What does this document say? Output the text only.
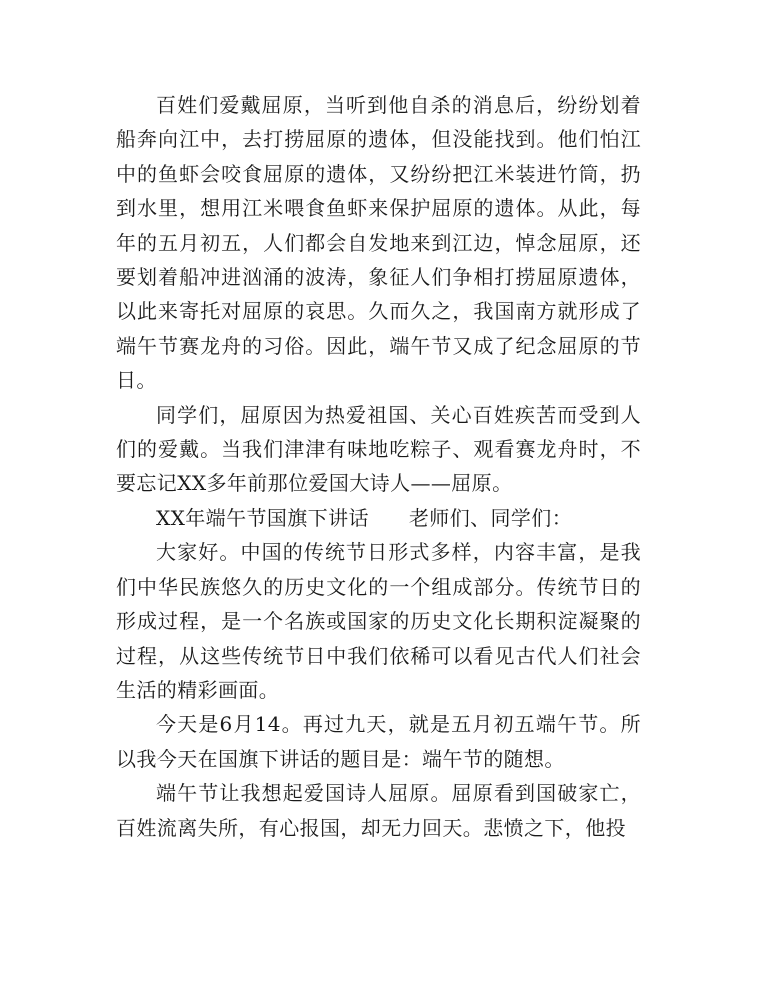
百姓们爱戴屈原，当听到他自杀的消息后，纷纷划着船奔向江中，去打捞屈原的遗体，但没能找到。他们怕江中的鱼虾会咬食屈原的遗体，又纷纷把江米装进竹筒，扔到水里，想用江米喂食鱼虾来保护屈原的遗体。从此，每年的五月初五，人们都会自发地来到江边，悼念屈原，还要划着船冲进汹涌的波涛，象征人们争相打捞屈原遗体，以此来寄托对屈原的哀思。久而久之，我国南方就形成了端午节赛龙舟的习俗。因此，端午节又成了纪念屈原的节日。

同学们，屈原因为热爱祖国、关心百姓疾苦而受到人们的爱戴。当我们津津有味地吃粽子、观看赛龙舟时，不要忘记XX多年前那位爱国大诗人——屈原。

XX年端午节国旗下讲话 老师们、同学们：

大家好。中国的传统节日形式多样，内容丰富，是我们中华民族悠久的历史文化的一个组成部分。传统节日的形成过程，是一个名族或国家的历史文化长期积淀凝聚的过程，从这些传统节日中我们依稀可以看见古代人们社会生活的精彩画面。

今天是6月14。再过九天，就是五月初五端午节。所以我今天在国旗下讲话的题目是：端午节的随想。

端午节让我想起爱国诗人屈原。屈原看到国破家亡，百姓流离失所，有心报国，却无力回天。悲愤之下，他投
